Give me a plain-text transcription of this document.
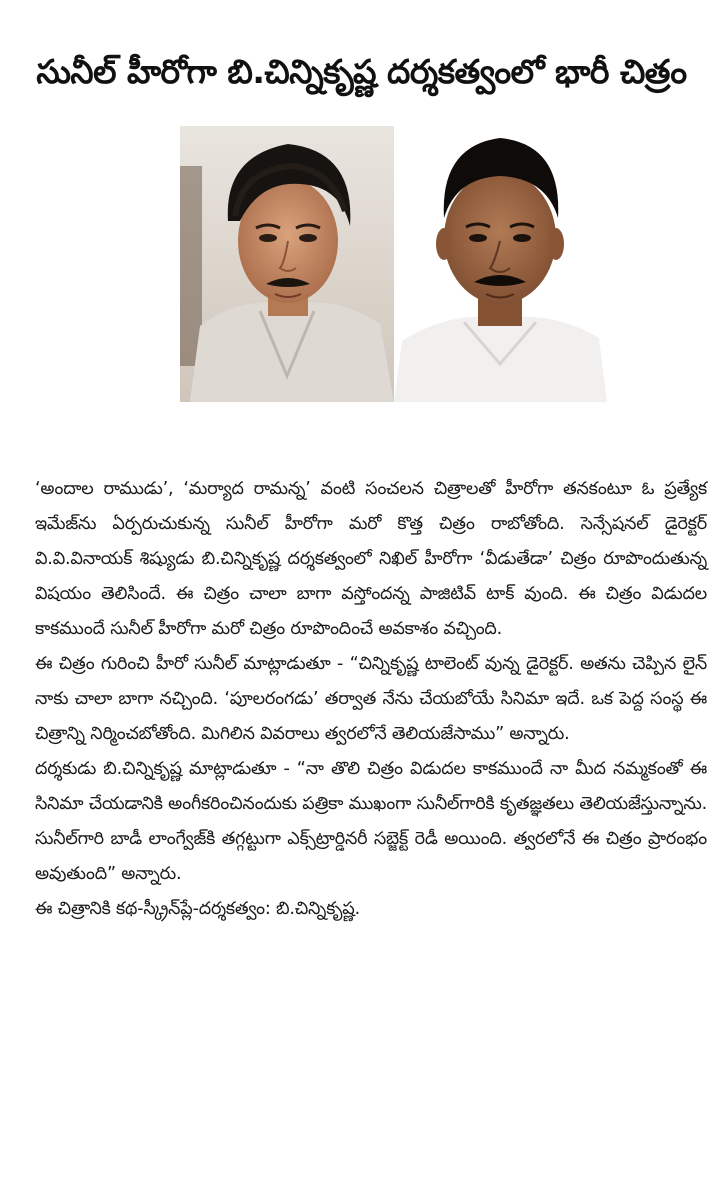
సునీల్ హీరోగా బి.చిన్నికృష్ణ దర్శకత్వంలో భారీ చిత్రం

‘అందాల రాముడు’, ‘మర్యాద రామన్న’ వంటి సంచలన చిత్రాలతో హీరోగా తనకంటూ ఓ ప్రత్యేక ఇమేజ్‌ను ఏర్పరుచుకున్న సునీల్ హీరోగా మరో కొత్త చిత్రం రాబోతోంది. సెన్సేషనల్ డైరెక్టర్ వి.వి.వినాయక్ శిష్యుడు బి.చిన్నికృష్ణ దర్శకత్వంలో నిఖిల్ హీరోగా ‘వీడుతేడా’ చిత్రం రూపొందుతున్న విషయం తెలిసిందే. ఈ చిత్రం చాలా బాగా వస్తోందన్న పాజిటివ్ టాక్ వుంది. ఈ చిత్రం విడుదల కాకముందే సునీల్ హీరోగా మరో చిత్రం రూపొందించే అవకాశం వచ్చింది.

ఈ చిత్రం గురించి హీరో సునీల్ మాట్లాడుతూ - “చిన్నికృష్ణ టాలెంట్ వున్న డైరెక్టర్. అతను చెప్పిన లైన్ నాకు చాలా బాగా నచ్చింది. ‘పూలరంగడు’ తర్వాత నేను చేయబోయే సినిమా ఇదే. ఒక పెద్ద సంస్థ ఈ చిత్రాన్ని నిర్మించబోతోంది. మిగిలిన వివరాలు త్వరలోనే తెలియజేసాము” అన్నారు.

దర్శకుడు బి.చిన్నికృష్ణ మాట్లాడుతూ - “నా తొలి చిత్రం విడుదల కాకముందే నా మీద నమ్మకంతో ఈ సినిమా చేయడానికి అంగీకరించినందుకు పత్రికా ముఖంగా సునీల్‌గారికి కృతజ్ఞతలు తెలియజేస్తున్నాను. సునీల్‌గారి బాడీ లాంగ్వేజ్‌కి తగ్గట్టుగా ఎక్స్‌ట్రార్డినరీ సబ్జెక్ట్ రెడీ అయింది. త్వరలోనే ఈ చిత్రం ప్రారంభం అవుతుంది” అన్నారు.

ఈ చిత్రానికి కథ-స్క్రీన్‌ప్లే-దర్శకత్వం: బి.చిన్నికృష్ణ.
